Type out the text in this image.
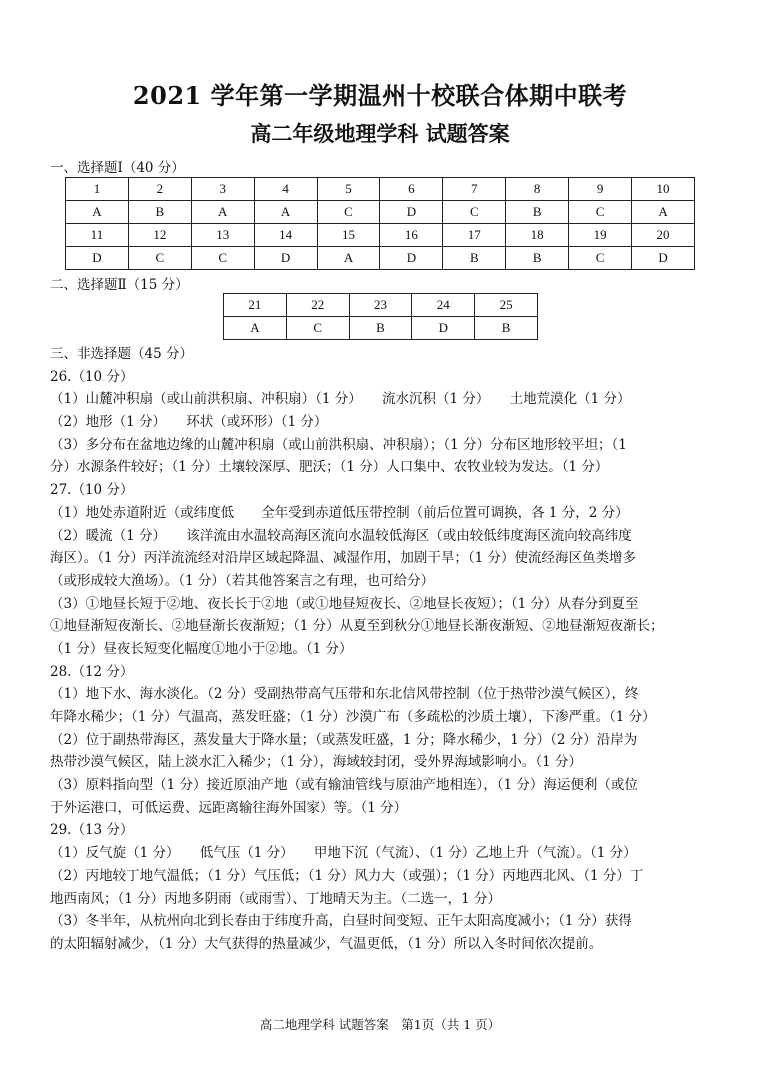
2021 学年第一学期温州十校联合体期中联考
高二年级地理学科 试题答案
一、选择题Ⅰ（40 分）
1	2	3	4	5	6	7	8	9	10
A	B	A	A	C	D	C	B	C	A
11	12	13	14	15	16	17	18	19	20
D	C	C	D	A	D	B	B	C	D
二、选择题Ⅱ（15 分）
21	22	23	24	25
A	C	B	D	B
三、非选择题（45 分）
26.（10 分）
（1）山麓冲积扇（或山前洪积扇、冲积扇）（1 分）　　流水沉积（1 分）　　土地荒漠化（1 分）
（2）地形（1 分）　　环状（或环形）（1 分）
（3）多分布在盆地边缘的山麓冲积扇（或山前洪积扇、冲积扇）；（1 分）分布区地形较平坦；（1
分）水源条件较好；（1 分）土壤较深厚、肥沃；（1 分）人口集中、农牧业较为发达。（1 分）
27.（10 分）
（1）地处赤道附近（或纬度低　　全年受到赤道低压带控制（前后位置可调换，各 1 分，2 分）
（2）暖流（1 分）　　该洋流由水温较高海区流向水温较低海区（或由较低纬度海区流向较高纬度
海区）。（1 分）丙洋流流经对沿岸区域起降温、减湿作用，加剧干旱；（1 分）使流经海区鱼类增多
（或形成较大渔场）。（1 分）（若其他答案言之有理，也可给分）
（3）①地昼长短于②地、夜长长于②地（或①地昼短夜长、②地昼长夜短）；（1 分）从春分到夏至
①地昼渐短夜渐长、②地昼渐长夜渐短；（1 分）从夏至到秋分①地昼长渐夜渐短、②地昼渐短夜渐长；
（1 分）昼夜长短变化幅度①地小于②地。（1 分）
28.（12 分）
（1）地下水、海水淡化。（2 分）受副热带高气压带和东北信风带控制（位于热带沙漠气候区），终
年降水稀少；（1 分）气温高，蒸发旺盛；（1 分）沙漠广布（多疏松的沙质土壤），下渗严重。（1 分）
（2）位于副热带海区，蒸发量大于降水量；（或蒸发旺盛，1 分；降水稀少，1 分）（2 分）沿岸为
热带沙漠气候区，陆上淡水汇入稀少；（1 分），海域较封闭，受外界海域影响小。（1 分）
（3）原料指向型（1 分）接近原油产地（或有输油管线与原油产地相连），（1 分）海运便利（或位
于外运港口，可低运费、远距离输往海外国家）等。（1 分）
29.（13 分）
（1）反气旋（1 分）　　低气压（1 分）　　甲地下沉（气流）、（1 分）乙地上升（气流）。（1 分）
（2）丙地较丁地气温低；（1 分）气压低；（1 分）风力大（或强）；（1 分）丙地西北风、（1 分）丁
地西南风；（1 分）丙地多阴雨（或雨雪）、丁地晴天为主。（二选一，1 分）
（3）冬半年，从杭州向北到长春由于纬度升高，白昼时间变短、正午太阳高度减小；（1 分）获得
的太阳辐射减少，（1 分）大气获得的热量减少，气温更低，（1 分）所以入冬时间依次提前。
高二地理学科 试题答案　第1页（共 1 页）
